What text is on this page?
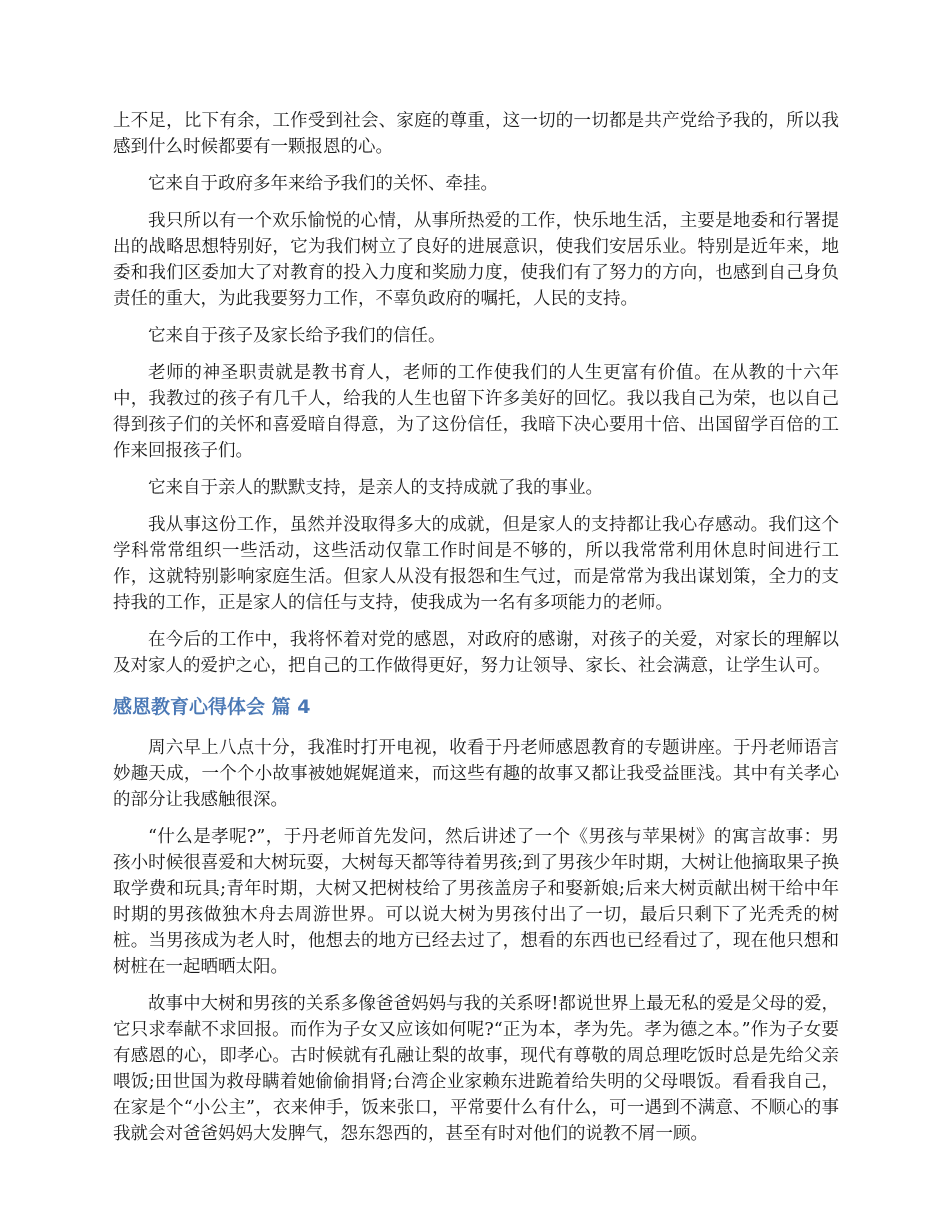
上不足，比下有余，工作受到社会、家庭的尊重，这一切的一切都是共产党给予我的，所以我感到什么时候都要有一颗报恩的心。

它来自于政府多年来给予我们的关怀、牵挂。

我只所以有一个欢乐愉悦的心情，从事所热爱的工作，快乐地生活，主要是地委和行署提出的战略思想特别好，它为我们树立了良好的进展意识，使我们安居乐业。特别是近年来，地委和我们区委加大了对教育的投入力度和奖励力度，使我们有了努力的方向，也感到自己身负责任的重大，为此我要努力工作，不辜负政府的嘱托，人民的支持。

它来自于孩子及家长给予我们的信任。

老师的神圣职责就是教书育人，老师的工作使我们的人生更富有价值。在从教的十六年中，我教过的孩子有几千人，给我的人生也留下许多美好的回忆。我以我自己为荣，也以自己得到孩子们的关怀和喜爱暗自得意，为了这份信任，我暗下决心要用十倍、出国留学百倍的工作来回报孩子们。

它来自于亲人的默默支持，是亲人的支持成就了我的事业。

我从事这份工作，虽然并没取得多大的成就，但是家人的支持都让我心存感动。我们这个学科常常组织一些活动，这些活动仅靠工作时间是不够的，所以我常常利用休息时间进行工作，这就特别影响家庭生活。但家人从没有报怨和生气过，而是常常为我出谋划策，全力的支持我的工作，正是家人的信任与支持，使我成为一名有多项能力的老师。

在今后的工作中，我将怀着对党的感恩，对政府的感谢，对孩子的关爱，对家长的理解以及对家人的爱护之心，把自己的工作做得更好，努力让领导、家长、社会满意，让学生认可。

感恩教育心得体会 篇 4

周六早上八点十分，我准时打开电视，收看于丹老师感恩教育的专题讲座。于丹老师语言妙趣天成，一个个小故事被她娓娓道来，而这些有趣的故事又都让我受益匪浅。其中有关孝心的部分让我感触很深。

“什么是孝呢?”，于丹老师首先发问，然后讲述了一个《男孩与苹果树》的寓言故事：男孩小时候很喜爱和大树玩耍，大树每天都等待着男孩;到了男孩少年时期，大树让他摘取果子换取学费和玩具;青年时期，大树又把树枝给了男孩盖房子和娶新娘;后来大树贡献出树干给中年时期的男孩做独木舟去周游世界。可以说大树为男孩付出了一切，最后只剩下了光秃秃的树桩。当男孩成为老人时，他想去的地方已经去过了，想看的东西也已经看过了，现在他只想和树桩在一起晒晒太阳。

故事中大树和男孩的关系多像爸爸妈妈与我的关系呀!都说世界上最无私的爱是父母的爱，它只求奉献不求回报。而作为子女又应该如何呢?“正为本，孝为先。孝为德之本。”作为子女要有感恩的心，即孝心。古时候就有孔融让梨的故事，现代有尊敬的周总理吃饭时总是先给父亲喂饭;田世国为救母瞒着她偷偷捐肾;台湾企业家赖东进跪着给失明的父母喂饭。看看我自己，在家是个“小公主”，衣来伸手，饭来张口，平常要什么有什么，可一遇到不满意、不顺心的事我就会对爸爸妈妈大发脾气，怨东怨西的，甚至有时对他们的说教不屑一顾。
